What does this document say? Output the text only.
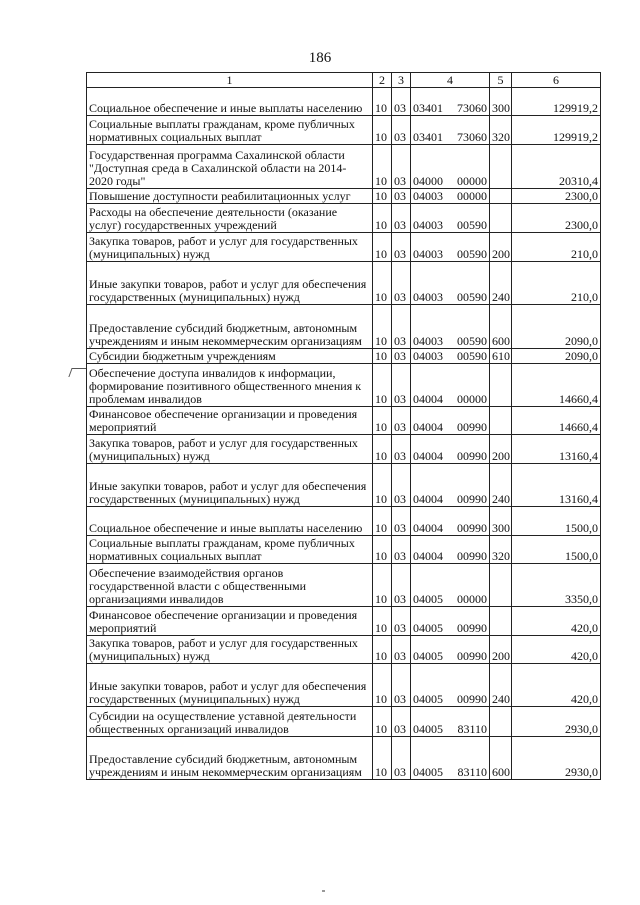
186
1	2	3	4		5	6
Социальное обеспечение и иные выплаты населению	10	03	03401	73060	300	129919,2
Социальные выплаты гражданам, кроме публичных нормативных социальных выплат	10	03	03401	73060	320	129919,2
Государственная программа Сахалинской области "Доступная среда в Сахалинской области на 2014-2020 годы"	10	03	04000	00000		20310,4
Повышение доступности реабилитационных услуг	10	03	04003	00000		2300,0
Расходы на обеспечение деятельности (оказание услуг) государственных учреждений	10	03	04003	00590		2300,0
Закупка товаров, работ и услуг для государственных (муниципальных) нужд	10	03	04003	00590	200	210,0
Иные закупки товаров, работ и услуг для обеспечения государственных (муниципальных) нужд	10	03	04003	00590	240	210,0
Предоставление субсидий бюджетным, автономным учреждениям и иным некоммерческим организациям	10	03	04003	00590	600	2090,0
Субсидии бюджетным учреждениям	10	03	04003	00590	610	2090,0
Обеспечение доступа инвалидов к информации, формирование позитивного общественного мнения к проблемам инвалидов	10	03	04004	00000		14660,4
Финансовое обеспечение организации и проведения мероприятий	10	03	04004	00990		14660,4
Закупка товаров, работ и услуг для государственных (муниципальных) нужд	10	03	04004	00990	200	13160,4
Иные закупки товаров, работ и услуг для обеспечения государственных (муниципальных) нужд	10	03	04004	00990	240	13160,4
Социальное обеспечение и иные выплаты населению	10	03	04004	00990	300	1500,0
Социальные выплаты гражданам, кроме публичных нормативных социальных выплат	10	03	04004	00990	320	1500,0
Обеспечение взаимодействия органов государственной власти с общественными организациями инвалидов	10	03	04005	00000		3350,0
Финансовое обеспечение организации и проведения мероприятий	10	03	04005	00990		420,0
Закупка товаров, работ и услуг для государственных (муниципальных) нужд	10	03	04005	00990	200	420,0
Иные закупки товаров, работ и услуг для обеспечения государственных (муниципальных) нужд	10	03	04005	00990	240	420,0
Субсидии на осуществление уставной деятельности общественных организаций инвалидов	10	03	04005	83110		2930,0
Предоставление субсидий бюджетным, автономным учреждениям и иным некоммерческим организациям	10	03	04005	83110	600	2930,0
